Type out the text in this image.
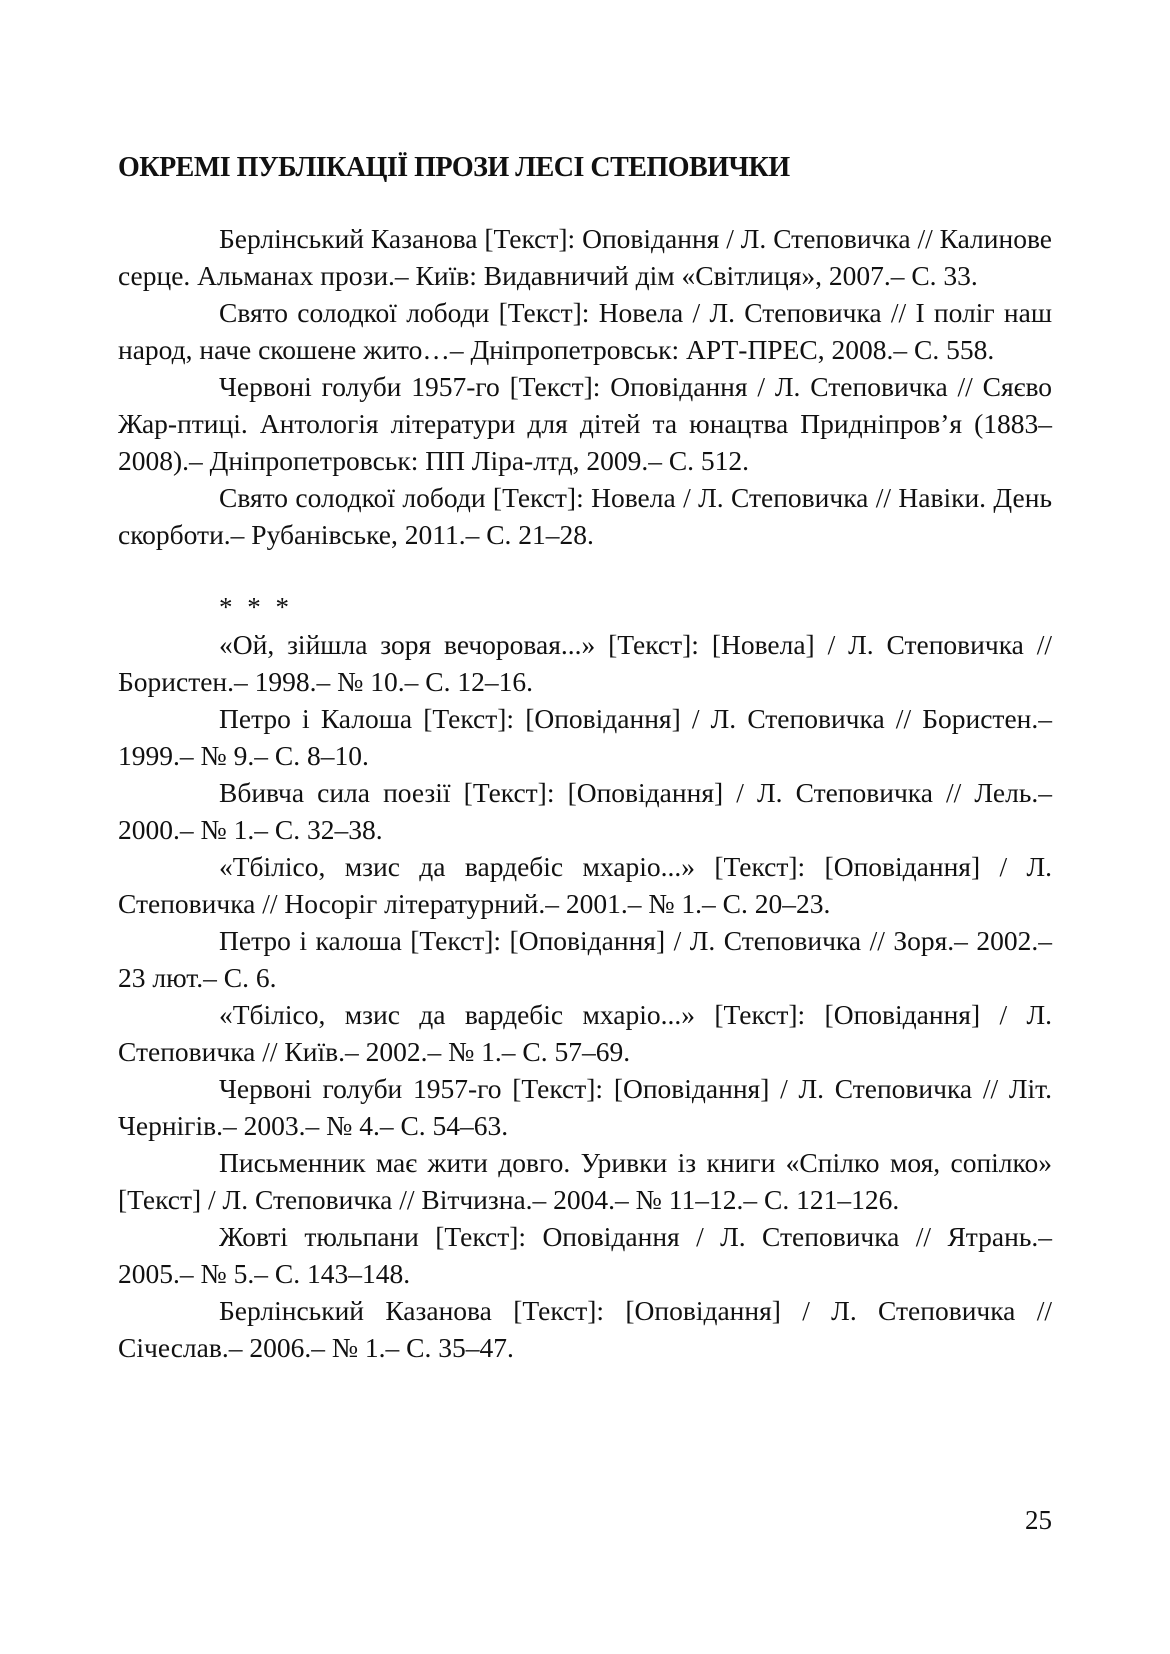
ОКРЕМІ ПУБЛІКАЦІЇ ПРОЗИ ЛЕСІ СТЕПОВИЧКИ

Берлінський Казанова [Текст]: Оповідання / Л. Степовичка // Калинове серце. Альманах прози.– Київ: Видавничий дім «Світлиця», 2007.– С. 33.

Свято солодкої лободи [Текст]: Новела / Л. Степовичка // І поліг наш народ, наче скошене жито…– Дніпропетровськ: АРТ-ПРЕС, 2008.– С. 558.

Червоні голуби 1957-го [Текст]: Оповідання / Л. Степовичка // Сяєво Жар-птиці. Антологія літератури для дітей та юнацтва Придніпров’я (1883–2008).– Дніпропетровськ: ПП Ліра-лтд, 2009.– С. 512.

Свято солодкої лободи [Текст]: Новела / Л. Степовичка // Навіки. День скорботи.– Рубанівське, 2011.– С. 21–28.

* * *

«Ой, зійшла зоря вечоровая...» [Текст]: [Новела] / Л. Степовичка // Бористен.– 1998.– № 10.– С. 12–16.

Петро і Калоша [Текст]: [Оповідання] / Л. Степовичка // Бористен.– 1999.– № 9.– С. 8–10.

Вбивча сила поезії [Текст]: [Оповідання] / Л. Степовичка // Лель.– 2000.– № 1.– С. 32–38.

«Тбілісо, мзис да вардебіс мхаріо...» [Текст]: [Оповідання] / Л. Степовичка // Носоріг літературний.– 2001.– № 1.– С. 20–23.

Петро і калоша [Текст]: [Оповідання] / Л. Степовичка // Зоря.– 2002.– 23 лют.– С. 6.

«Тбілісо, мзис да вардебіс мхаріо...» [Текст]: [Оповідання] / Л. Степовичка // Київ.– 2002.– № 1.– С. 57–69.

Червоні голуби 1957-го [Текст]: [Оповідання] / Л. Степовичка // Літ. Чернігів.– 2003.– № 4.– С. 54–63.

Письменник має жити довго. Уривки із книги «Спілко моя, сопілко» [Текст] / Л. Степовичка // Вітчизна.– 2004.– № 11–12.– С. 121–126.

Жовті тюльпани [Текст]: Оповідання / Л. Степовичка // Ятрань.– 2005.– № 5.– С. 143–148.

Берлінський Казанова [Текст]: [Оповідання] / Л. Степовичка // Січеслав.– 2006.– № 1.– С. 35–47.

25
